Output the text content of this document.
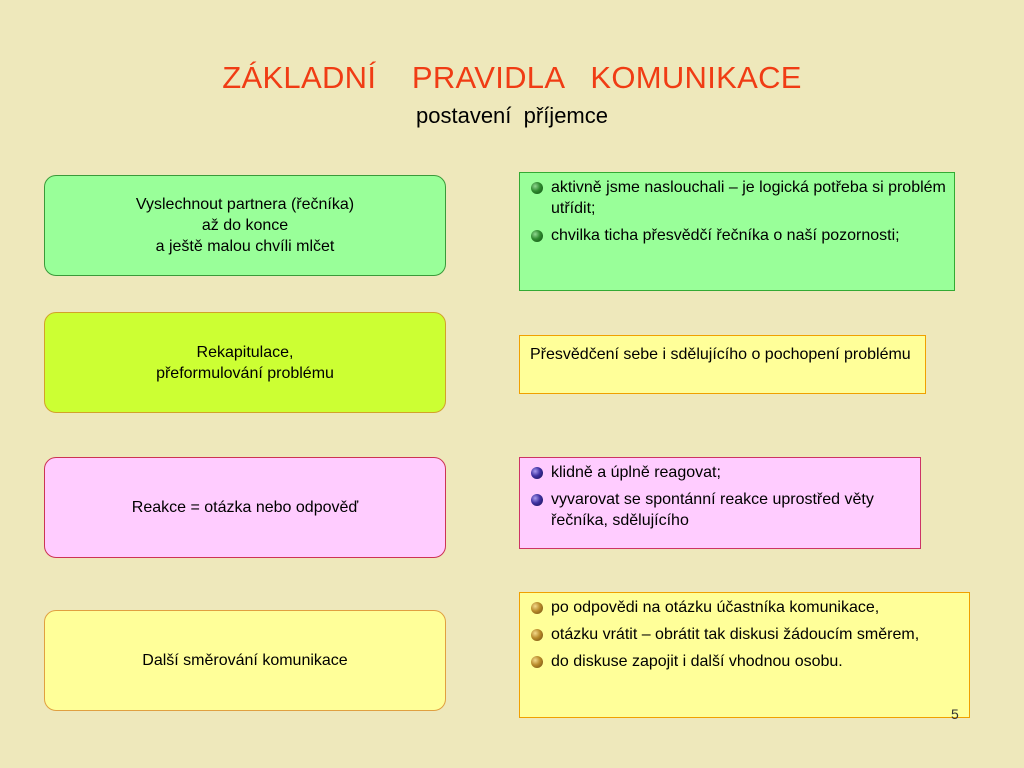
ZÁKLADNÍ    PRAVIDLA   KOMUNIKACE
postavení  příjemce
Vyslechnout partnera (řečníka)
až do konce
a ještě malou chvíli mlčet
aktivně jsme naslouchali – je logická potřeba si problém utřídit;
chvilka ticha přesvědčí řečníka o naší pozornosti;
Rekapitulace,
přeformulování problému
Přesvědčení sebe i sdělujícího o pochopení problému
Reakce = otázka nebo odpověď
klidně a úplně reagovat;
vyvarovat se spontánní reakce uprostřed věty řečníka, sdělujícího
Další směrování komunikace
po odpovědi na otázku účastníka komunikace,
otázku vrátit – obrátit tak diskusi žádoucím směrem,
do diskuse zapojit i další vhodnou osobu.
5
